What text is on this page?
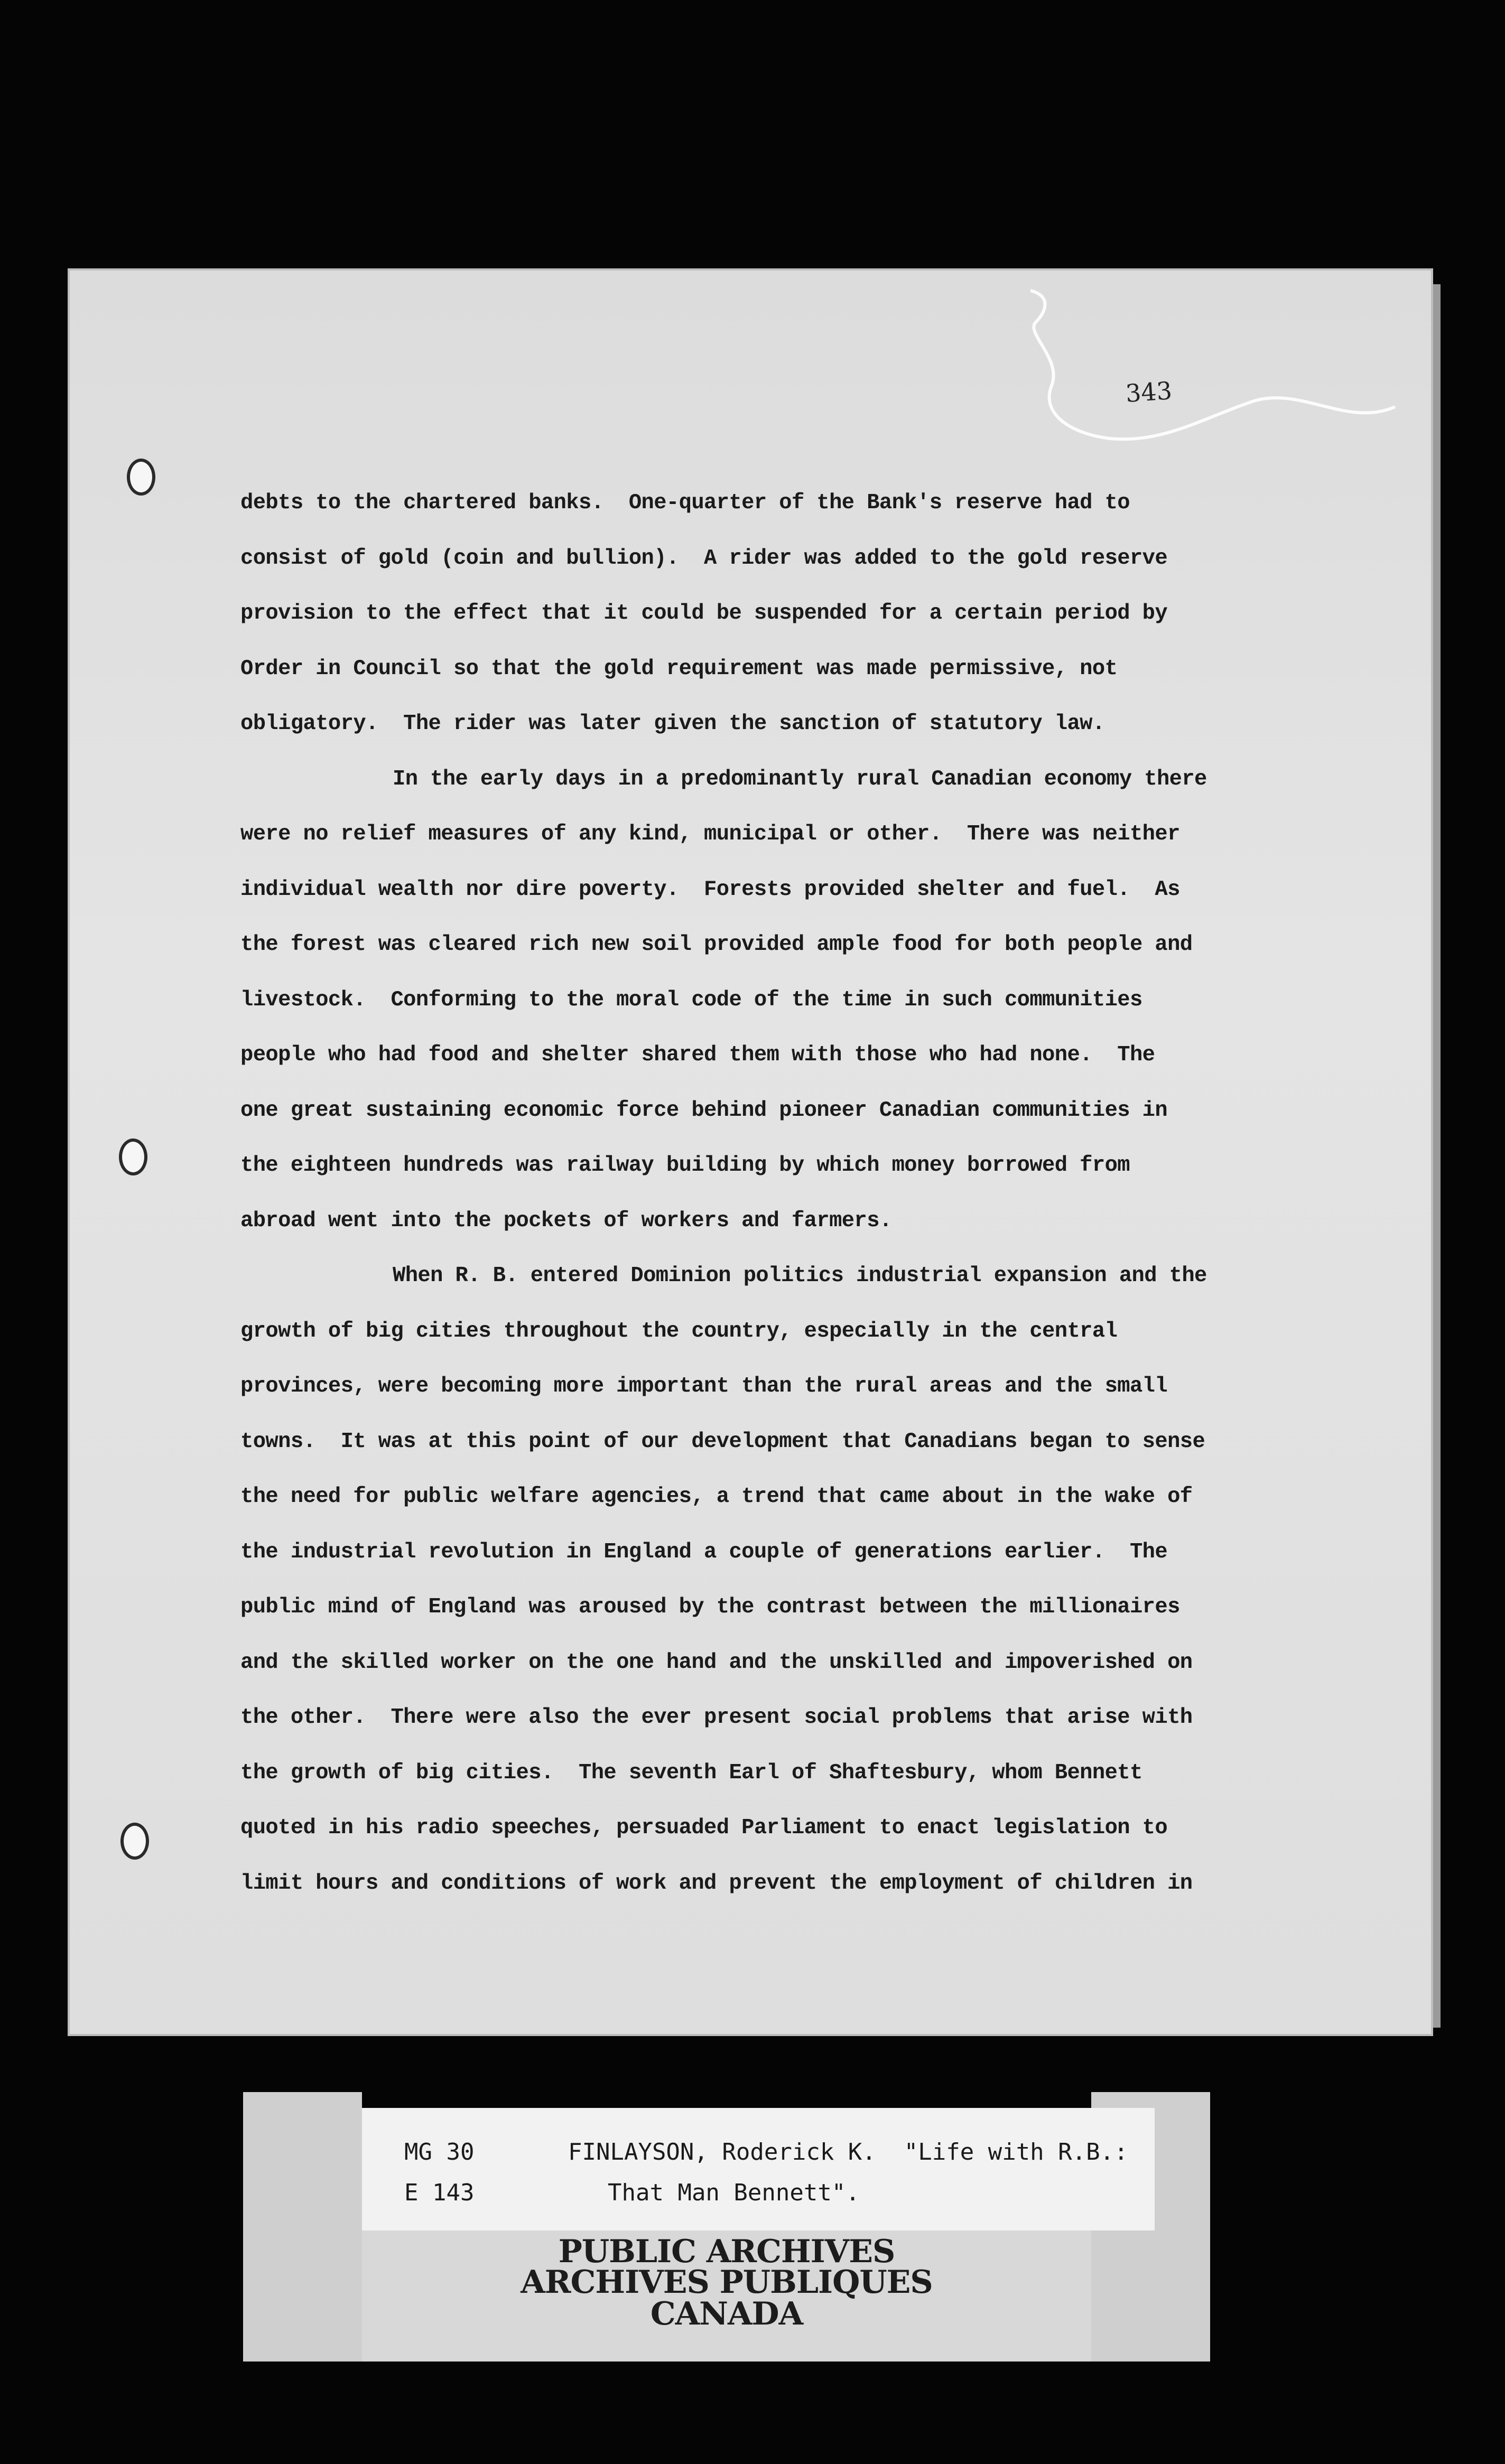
343
debts to the chartered banks.  One-quarter of the Bank's reserve had to
consist of gold (coin and bullion).  A rider was added to the gold reserve
provision to the effect that it could be suspended for a certain period by
Order in Council so that the gold requirement was made permissive, not
obligatory.  The rider was later given the sanction of statutory law.
In the early days in a predominantly rural Canadian economy there
were no relief measures of any kind, municipal or other.  There was neither
individual wealth nor dire poverty.  Forests provided shelter and fuel.  As
the forest was cleared rich new soil provided ample food for both people and
livestock.  Conforming to the moral code of the time in such communities
people who had food and shelter shared them with those who had none.  The
one great sustaining economic force behind pioneer Canadian communities in
the eighteen hundreds was railway building by which money borrowed from
abroad went into the pockets of workers and farmers.
When R. B. entered Dominion politics industrial expansion and the
growth of big cities throughout the country, especially in the central
provinces, were becoming more important than the rural areas and the small
towns.  It was at this point of our development that Canadians began to sense
the need for public welfare agencies, a trend that came about in the wake of
the industrial revolution in England a couple of generations earlier.  The
public mind of England was aroused by the contrast between the millionaires
and the skilled worker on the one hand and the unskilled and impoverished on
the other.  There were also the ever present social problems that arise with
the growth of big cities.  The seventh Earl of Shaftesbury, whom Bennett
quoted in his radio speeches, persuaded Parliament to enact legislation to
limit hours and conditions of work and prevent the employment of children in
PUBLIC ARCHIVES
ARCHIVES PUBLIQUES
CANADA
MG 30
E 143
FINLAYSON, Roderick K.  "Life with R.B.:
That Man Bennett".
